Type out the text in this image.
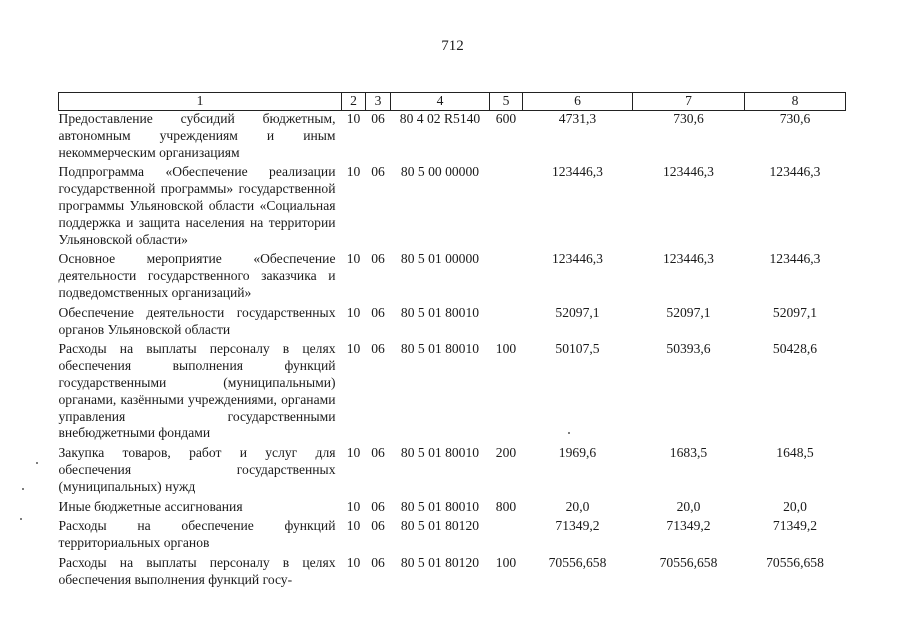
712
1	2	3	4	5	6	7	8
Предоставление субсидий бюджетным, автономным учреждениям и иным некоммерческим организациям	10	06	80 4 02 R5140	600	4731,3	730,6	730,6
Подпрограмма «Обеспечение реализации государственной программы» государственной программы Ульяновской области «Социальная поддержка и защита населения на территории Ульяновской области»	10	06	80 5 00 00000		123446,3	123446,3	123446,3
Основное мероприятие «Обеспечение деятельности государственного заказчика и подведомственных организаций»	10	06	80 5 01 00000		123446,3	123446,3	123446,3
Обеспечение деятельности государственных органов Ульяновской области	10	06	80 5 01 80010		52097,1	52097,1	52097,1
Расходы на выплаты персоналу в целях обеспечения выполнения функций государственными (муниципальными) органами, казёнными учреждениями, органами управления государственными внебюджетными фондами	10	06	80 5 01 80010	100	50107,5	50393,6	50428,6
Закупка товаров, работ и услуг для обеспечения государственных (муниципальных) нужд	10	06	80 5 01 80010	200	1969,6	1683,5	1648,5
Иные бюджетные ассигнования	10	06	80 5 01 80010	800	20,0	20,0	20,0
Расходы на обеспечение функций территориальных органов	10	06	80 5 01 80120		71349,2	71349,2	71349,2
Расходы на выплаты персоналу в целях обеспечения выполнения функций госу-	10	06	80 5 01 80120	100	70556,658	70556,658	70556,658
